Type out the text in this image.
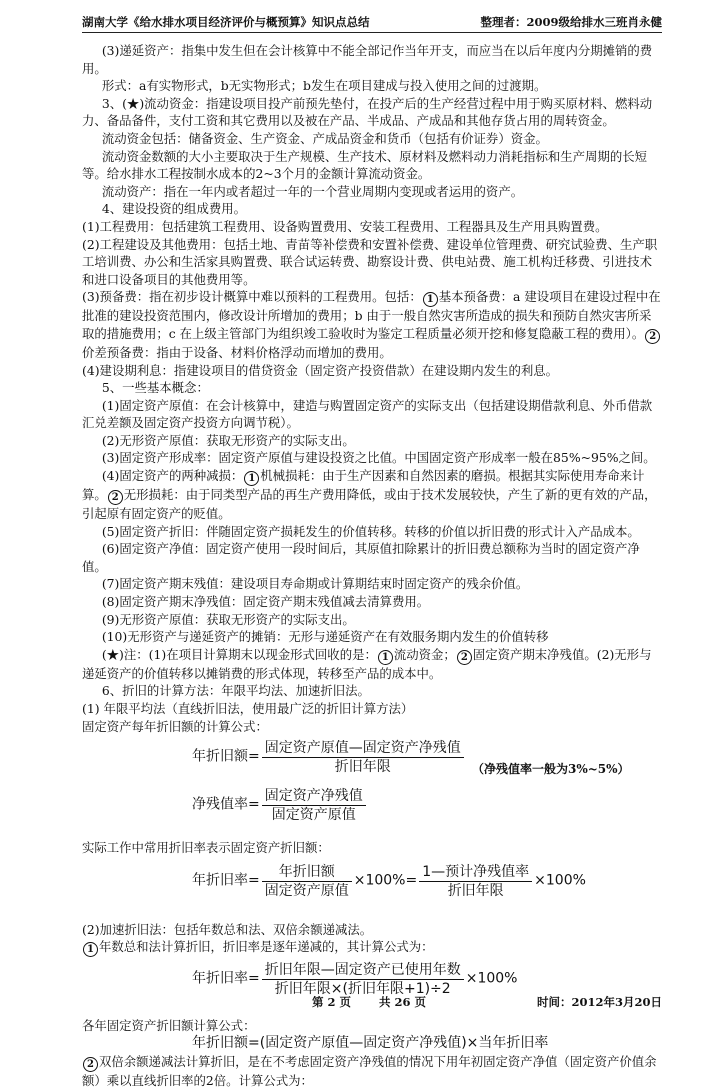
湖南大学《给水排水项目经济评价与概预算》知识点总结	整理者：2009级给排水三班肖永健

(3)递延资产：指集中发生但在会计核算中不能全部记作当年开支，而应当在以后年度内分期摊销的费用。

形式：a有实物形式，b无实物形式；b发生在项目建成与投入使用之间的过渡期。

3、(★)流动资金：指建设项目投产前预先垫付，在投产后的生产经营过程中用于购买原材料、燃料动力、备品备件，支付工资和其它费用以及被在产品、半成品、产成品和其他存货占用的周转资金。

流动资金包括：储备资金、生产资金、产成品资金和货币（包括有价证券）资金。

流动资金数额的大小主要取决于生产规模、生产技术、原材料及燃料动力消耗指标和生产周期的长短等。给水排水工程按制水成本的2~3个月的金额计算流动资金。

流动资产：指在一年内或者超过一年的一个营业周期内变现或者运用的资产。

4、建设投资的组成费用。

(1)工程费用：包括建筑工程费用、设备购置费用、安装工程费用、工程器具及生产用具购置费。

(2)工程建设及其他费用：包括土地、青苗等补偿费和安置补偿费、建设单位管理费、研究试验费、生产职工培训费、办公和生活家具购置费、联合试运转费、勘察设计费、供电站费、施工机构迁移费、引进技术和进口设备项目的其他费用等。

(3)预备费：指在初步设计概算中难以预料的工程费用。包括： 1 基本预备费：a 建设项目在建设过程中在批准的建设投资范围内，修改设计所增加的费用；b 由于一般自然灾害所造成的损失和预防自然灾害所采取的措施费用；c 在上级主管部门为组织竣工验收时为鉴定工程质量必须开挖和修复隐蔽工程的费用）。 2价差预备费：指由于设备、材料价格浮动而增加的费用。

(4)建设期利息：指建设项目的借贷资金（固定资产投资借款）在建设期内发生的利息。

5、一些基本概念：

(1)固定资产原值：在会计核算中，建造与购置固定资产的实际支出（包括建设期借款利息、外币借款汇兑差额及固定资产投资方向调节税）。

(2)无形资产原值：获取无形资产的实际支出。

(3)固定资产形成率：固定资产原值与建设投资之比值。中国固定资产形成率一般在85%~95%之间。

(4)固定资产的两种减损： 1 机械损耗：由于生产因素和自然因素的磨损。根据其实际使用寿命来计算。 2 无形损耗：由于同类型产品的再生产费用降低，或由于技术发展较快，产生了新的更有效的产品，引起原有固定资产的贬值。

(5)固定资产折旧：伴随固定资产损耗发生的价值转移。转移的价值以折旧费的形式计入产品成本。

(6)固定资产净值：固定资产使用一段时间后，其原值扣除累计的折旧费总额称为当时的固定资产净值。

(7)固定资产期末残值：建设项目寿命期或计算期结束时固定资产的残余价值。

(8)固定资产期末净残值：固定资产期末残值减去清算费用。

(9)无形资产原值：获取无形资产的实际支出。

(10)无形资产与递延资产的摊销：无形与递延资产在有效服务期内发生的价值转移

(★)注：(1)在项目计算期末以现金形式回收的是： 1 流动资金； 2 固定资产期末净残值。(2)无形与递延资产的价值转移以摊销费的形式体现，转移至产品的成本中。

6、折旧的计算方法：年限平均法、加速折旧法。

(1) 年限平均法（直线折旧法，使用最广泛的折旧计算方法）

固定资产每年折旧额的计算公式：

年折旧额= $\frac{\text{固定资产原值—固定资产净残值}}{\text{折旧年限}}$
净残值率= $\frac{\text{固定资产净残值}}{\text{固定资产原值}}$
（净残值率一般为3%~5%）

实际工作中常用折旧率表示固定资产折旧额：

年折旧率= $\frac{\text{年折旧额}}{\text{固定资产原值}} \times 100\%= \frac{\text{1—预计净残值率}}{\text{折旧年限}} \times 100\%$

(2)加速折旧法：包括年数总和法、双倍余额递减法。

1 年数总和法计算折旧，折旧率是逐年递减的，其计算公式为：

年折旧率= $\frac{\text{折旧年限—固定资产已使用年数}}{\text{折旧年限×(折旧年限+1)÷2}} \times 100\%$

各年固定资产折旧额计算公式：

年折旧额=(固定资产原值—固定资产净残值)×当年折旧率

2 双倍余额递减法计算折旧，是在不考虑固定资产净残值的情况下用年初固定资产净值（固定资产价值余额）乘以直线折旧率的2倍。计算公式为：

第 2 页 共 26 页	时间：2012年3月20日
